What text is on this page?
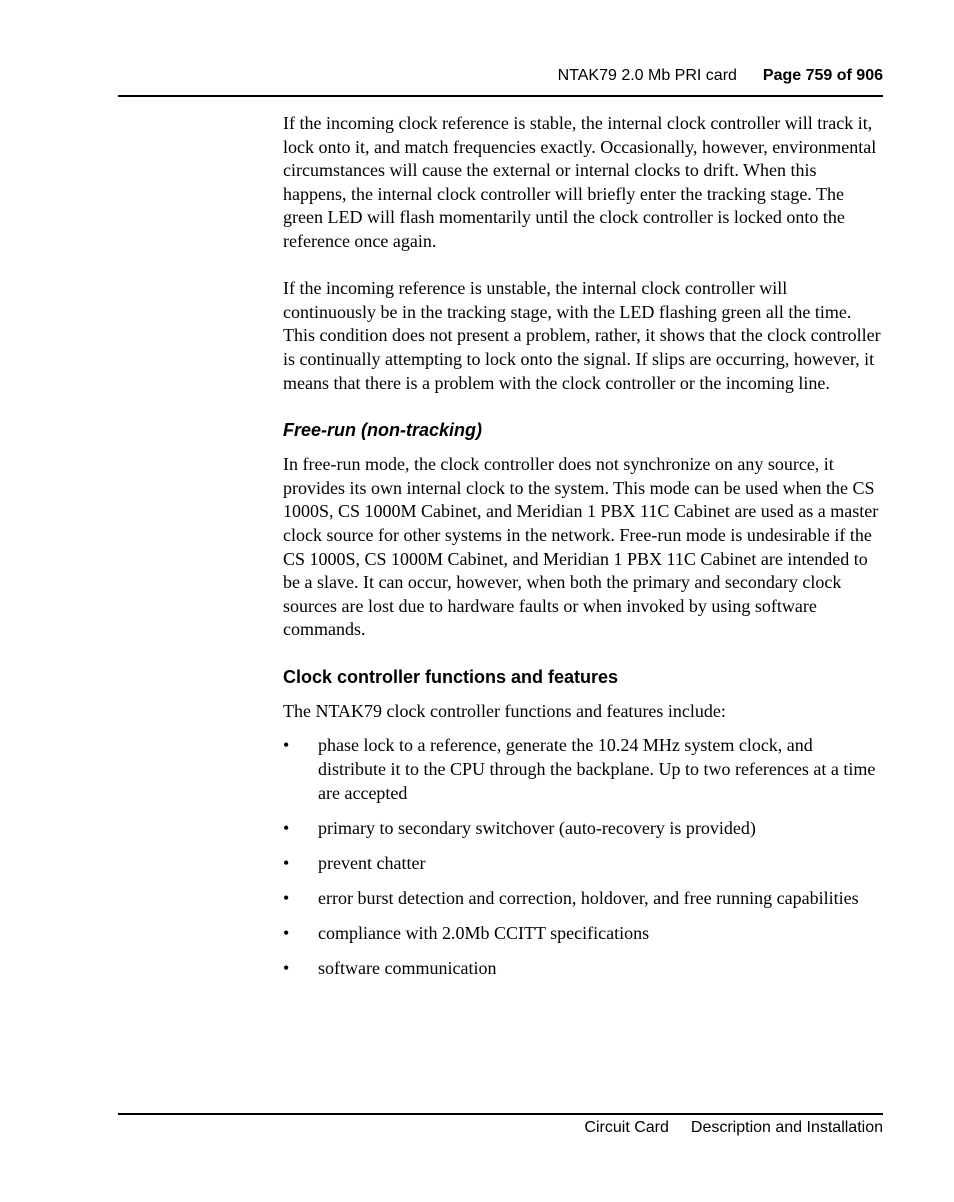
NTAK79 2.0 Mb PRI card Page 759 of 906

If the incoming clock reference is stable, the internal clock controller will track it, lock onto it, and match frequencies exactly. Occasionally, however, environmental circumstances will cause the external or internal clocks to drift. When this happens, the internal clock controller will briefly enter the tracking stage. The green LED will flash momentarily until the clock controller is locked onto the reference once again.

If the incoming reference is unstable, the internal clock controller will continuously be in the tracking stage, with the LED flashing green all the time. This condition does not present a problem, rather, it shows that the clock controller is continually attempting to lock onto the signal. If slips are occurring, however, it means that there is a problem with the clock controller or the incoming line.

Free-run (non-tracking)

In free-run mode, the clock controller does not synchronize on any source, it provides its own internal clock to the system. This mode can be used when the CS 1000S, CS 1000M Cabinet, and Meridian 1 PBX 11C Cabinet are used as a master clock source for other systems in the network. Free-run mode is undesirable if the CS 1000S, CS 1000M Cabinet, and Meridian 1 PBX 11C Cabinet are intended to be a slave. It can occur, however, when both the primary and secondary clock sources are lost due to hardware faults or when invoked by using software commands.

Clock controller functions and features

The NTAK79 clock controller functions and features include:

• phase lock to a reference, generate the 10.24 MHz system clock, and distribute it to the CPU through the backplane. Up to two references at a time are accepted
• primary to secondary switchover (auto-recovery is provided)
• prevent chatter
• error burst detection and correction, holdover, and free running capabilities
• compliance with 2.0Mb CCITT specifications
• software communication
Circuit Card Description and Installation
